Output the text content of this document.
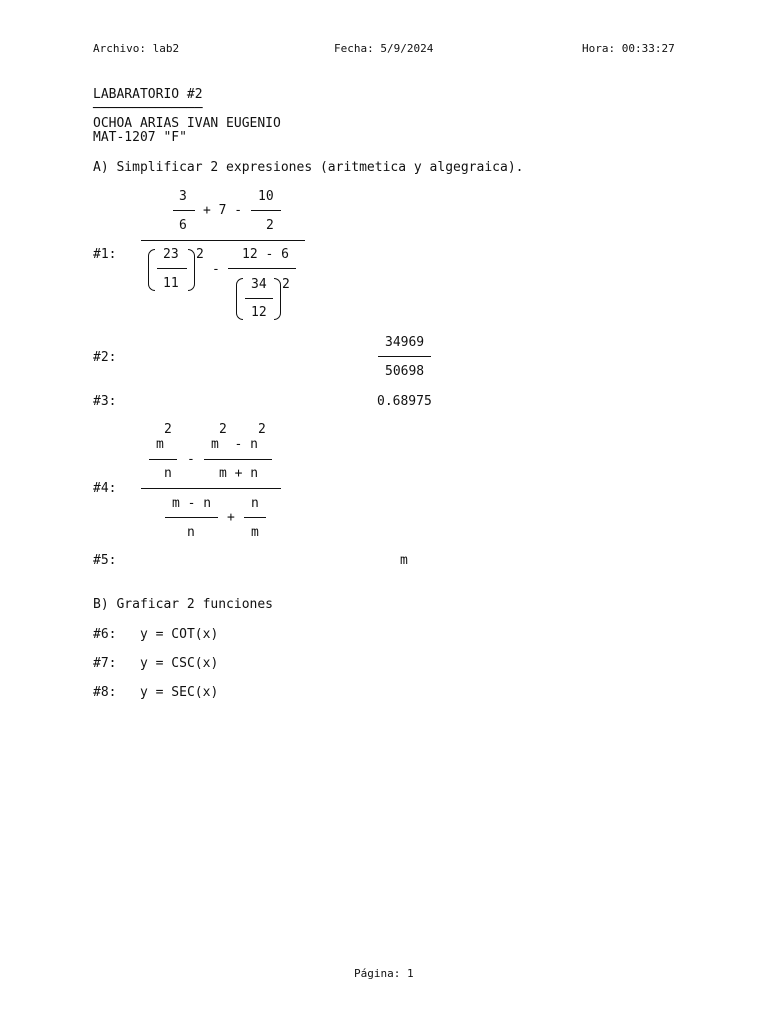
Archivo: lab2	Fecha: 5/9/2024	Hora: 00:33:27
LABARATORIO #2
──────────────
OCHOA ARIAS IVAN EUGENIO
MAT-1207 "F"
A) Simplificar 2 expresiones (aritmetica y algegraica).
#1:
3
6
+ 7 -
10
2
23
11
2
-
12 - 6
34
12
2
#2:
34969
50698
#3:	0.68975
#4:
2
m
n
-
2 2
m  - n
m + n
m - n
n
+
n
m
#5:	m
B) Graficar 2 funciones
#6: y = COT(x)
#7: y = CSC(x)
#8: y = SEC(x)
Página: 1
